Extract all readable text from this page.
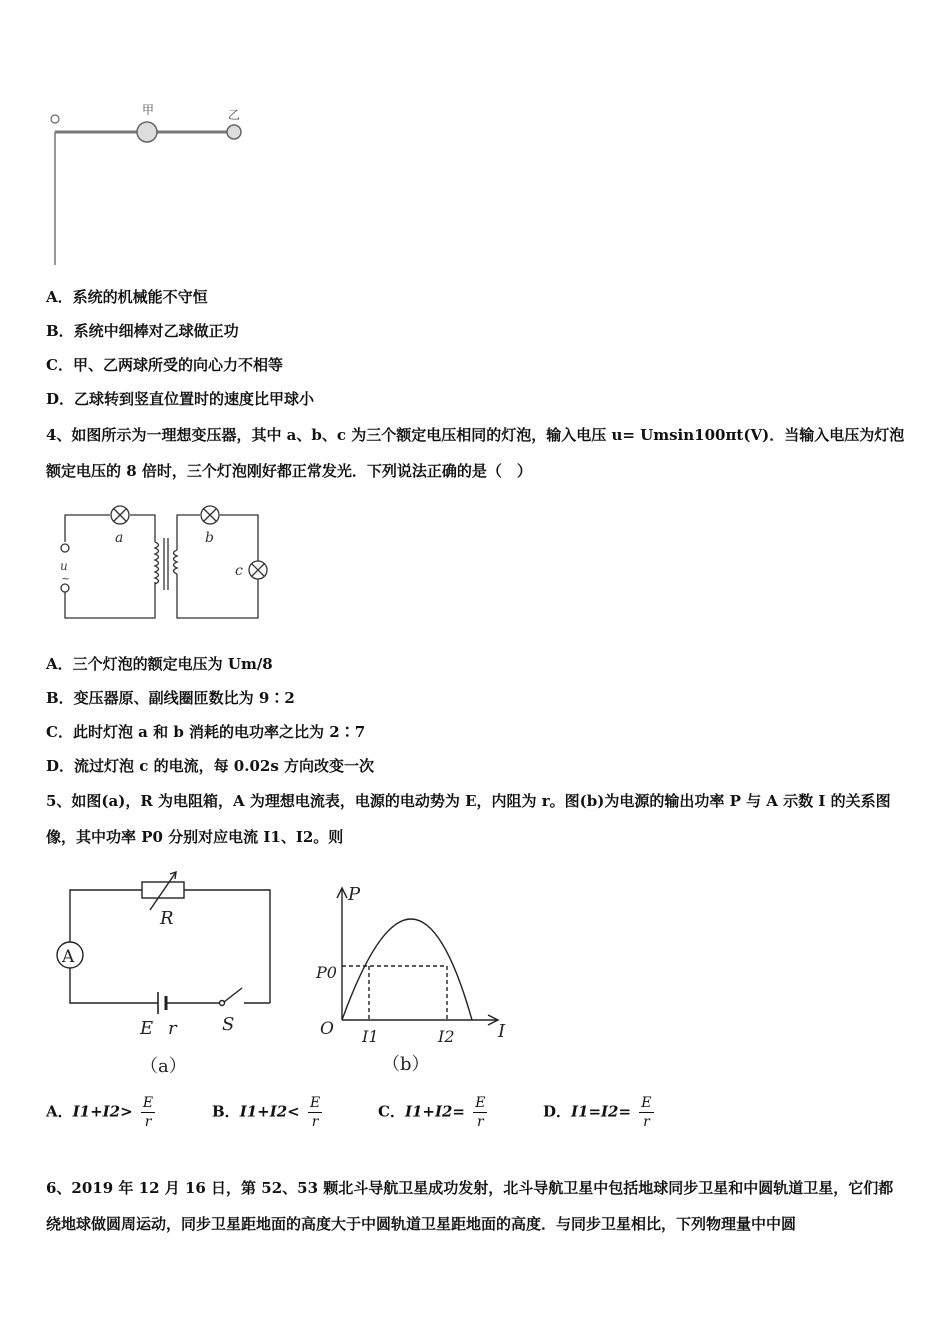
甲	乙
A．系统的机械能不守恒
B．系统中细棒对乙球做正功
C．甲、乙两球所受的向心力不相等
D．乙球转到竖直位置时的速度比甲球小
4、如图所示为一理想变压器，其中 a、b、c 为三个额定电压相同的灯泡，输入电压 u= Umsin100πt(V)．当输入电压为灯泡额定电压的 8 倍时，三个灯泡刚好都正常发光．下列说法正确的是（　）
u
~
a	b
c
A．三个灯泡的额定电压为 Um/8
B．变压器原、副线圈匝数比为 9∶2
C．此时灯泡 a 和 b 消耗的电功率之比为 2∶7
D．流过灯泡 c 的电流，每 0.02s 方向改变一次
5、如图(a)，R 为电阻箱，A 为理想电流表，电源的电动势为 E，内阻为 r。图(b)为电源的输出功率 P 与 A 示数 I 的关系图像，其中功率 P0 分别对应电流 I1、I2。则
R
A
E r	S
（a）
P
P0
O I1	I2 I
（b）
A．$I1+I2> \frac{E}{r}$	B．$I1+I2< \frac{E}{r}$	C．$I1+I2= \frac{E}{r}$	D．$I1=I2= \frac{E}{r}$
6、2019 年 12 月 16 日，第 52、53 颗北斗导航卫星成功发射，北斗导航卫星中包括地球同步卫星和中圆轨道卫星，它们都绕地球做圆周运动，同步卫星距地面的高度大于中圆轨道卫星距地面的高度．与同步卫星相比，下列物理量中中圆
